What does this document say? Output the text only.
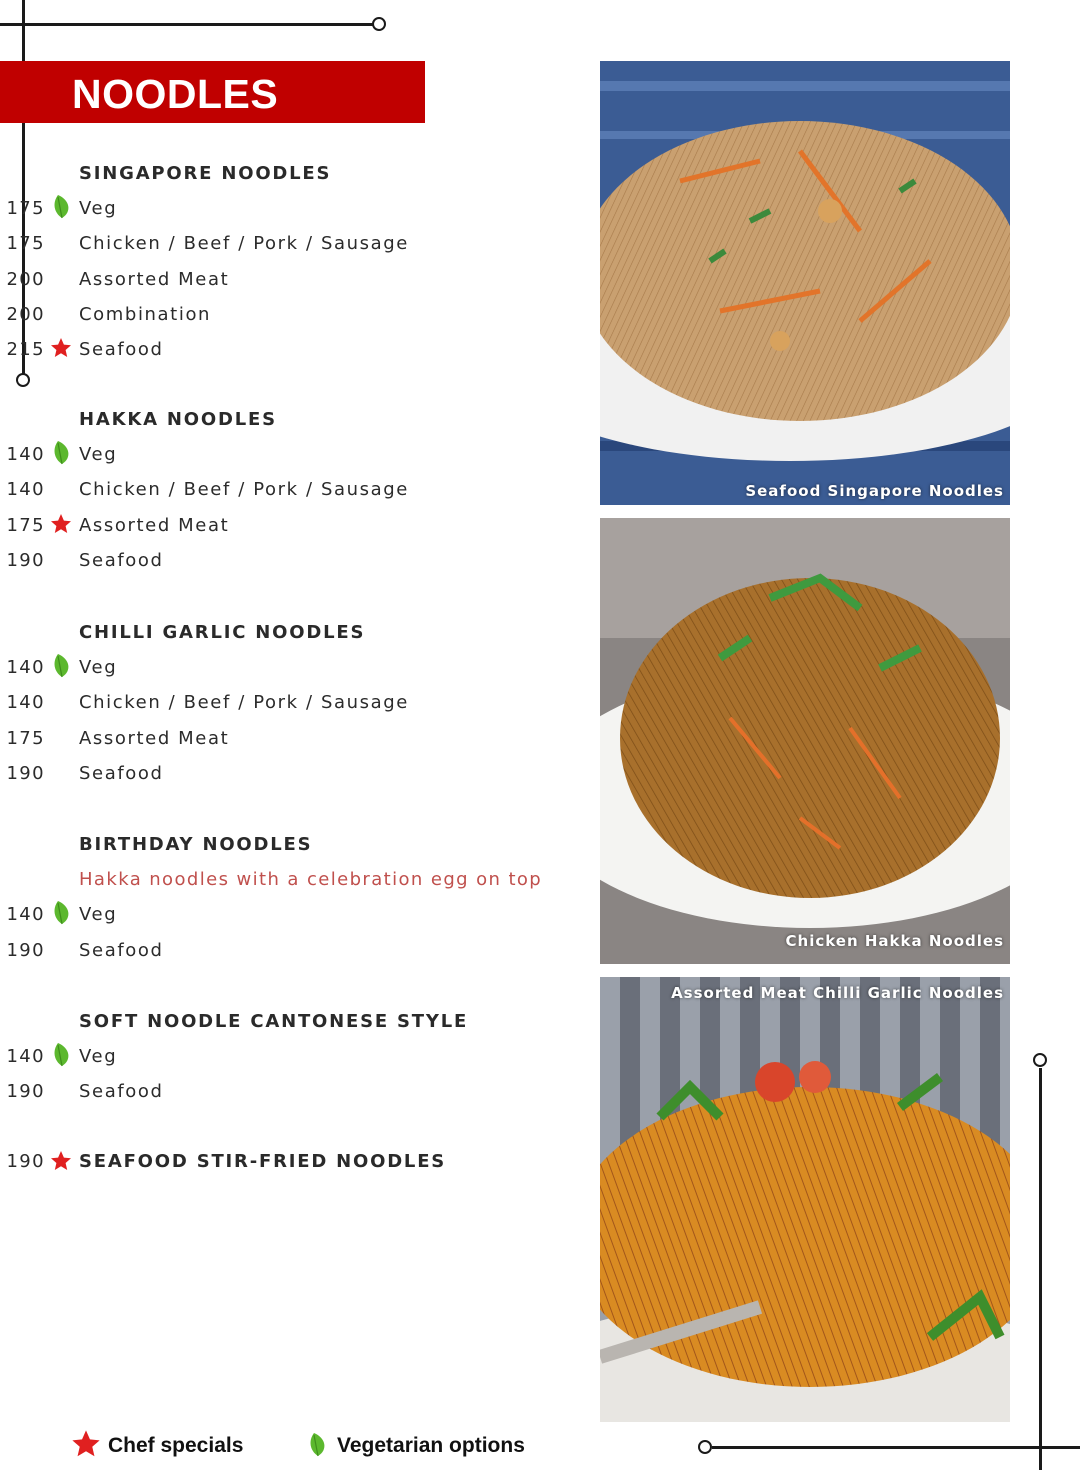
NOODLES
SINGAPORE NOODLES
Veg
175
Chicken / Beef / Pork / Sausage
175
Assorted Meat
200
Combination
200
Seafood
215
HAKKA NOODLES
Veg
140
Chicken / Beef / Pork / Sausage
140
Assorted Meat
175
Seafood
190
CHILLI GARLIC NOODLES
Veg
140
Chicken / Beef / Pork / Sausage
140
Assorted Meat
175
Seafood
190
BIRTHDAY NOODLES
Hakka noodles with a celebration egg on top
Veg
140
Seafood
190
SOFT NOODLE CANTONESE STYLE
Veg
140
Seafood
190
SEAFOOD STIR-FRIED NOODLES
190
Seafood Singapore Noodles
Chicken Hakka Noodles
Assorted Meat Chilli Garlic Noodles
Chef specials	Vegetarian options
